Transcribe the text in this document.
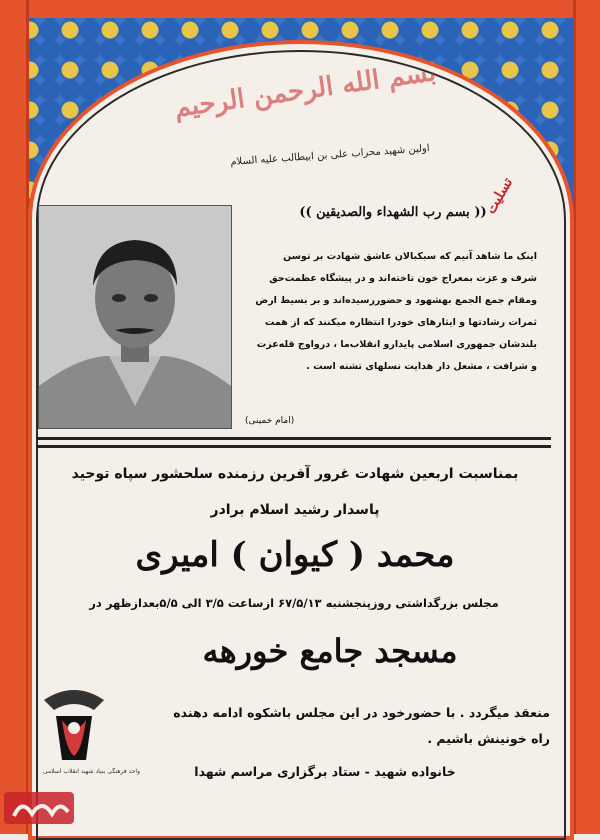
بسم الله الرحمن الرحیم
اولین شهید محراب علی بن ابیطالب علیه السلام
تسلیت
(( بسم رب الشهداء والصدیقین ))
اینک ما شاهد آنیم که سبکبالان عاشق شهادت بر توسن
شرف و عزت بمعراج خون تاخته‌اند و در پیشگاه عظمت‌حق
ومقام جمع الجمع بهشهود و حضوررسیده‌اند و بر بسیط ارض
ثمرات رشادتها و ایثارهای خودرا انتظاره میکنند که از همت
بلندشان جمهوری اسلامی پایدارو انقلاب‌ما ، درواوج قله‌عزت
و شرافت ، مشعل دار هدایت نسلهای تشنه است .
(امام خمینی)
بمناسبت اربعین شهادت غرور آفرین رزمنده سلحشور سپاه توحید
پاسدار رشید اسلام برادر
محمد ( کیوان ) امیری
مجلس بزرگداشتی روزپنجشنبه ۶۷/۵/۱۳ ازساعت ۳/۵ الی ۵/۵بعدازظهر در
مسجد جامع خورهه
منعقد میگردد . با حضورخود در این مجلس باشکوه ادامه دهنده
راه خونینش باشیم .
خانواده شهید - ستاد برگزاری مراسم شهدا
واحد فرهنگی بنیاد شهید انقلاب اسلامی
